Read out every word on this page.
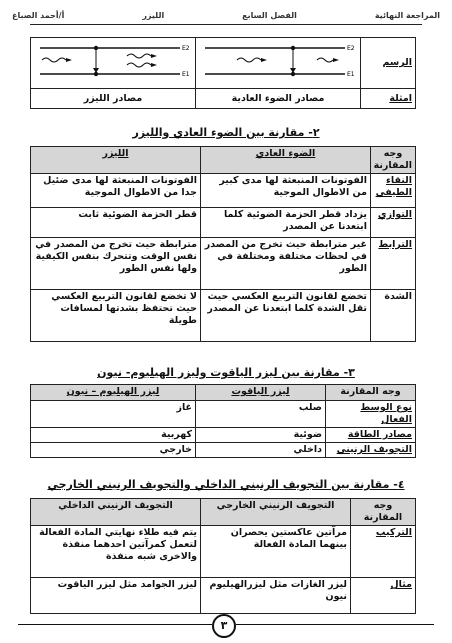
المراجعة النهائية
الفصل السابع
الليزر
أ/أحمد الصباغ
الرسم	E2
E1	E2
E1

امثلة	مصادر الضوء العادية	مصادر الليزر
٢- مقارنة بين الضوء العادي والليزر
وجه المقارنة	الضوء العادي	الليزر
النقاء الطيفي	الفوتونات المنبعثة لها مدى كبير من الاطوال الموجية	الفوتونات المنبعثة لها مدى ضئيل جدا من الاطوال الموجية
التوازي	يزداد قطر الحزمة الضوئية كلما ابتعدنا عن المصدر	قطر الحزمة الضوئية ثابت
الترابط	غير مترابطة حيث تخرج من المصدر في لحظات مختلفة ومختلفة في الطور	مترابطة حيث تخرج من المصدر في نفس الوقت وتتحرك بنفس الكيفية ولها نفس الطور
الشدة	تخضع لقانون التربيع العكسي حيث تقل الشدة كلما ابتعدنا عن المصدر	لا تخضع لقانون التربيع العكسي حيث تحتفظ بشدتها لمسافات طويلة
٣- مقارنة بين ليزر الياقوت وليزر الهيليوم- نيون
وجه المقارنة	ليزر الياقوت	ليزر الهيليوم – نيون
نوع الوسط الفعال	صلب	غاز
مصادر الطاقة	ضوئية	كهربية
التجويف الرنيني	داخلي	خارجي
٤- مقارنة بين التجويف الرنيني الداخلي والتجويف الرنيني الخارجي
وجه المقارنة	التجويف الرنيني الخارجي	التجويف الرنيني الداخلي
التركيب	مرآتين عاكستين يحصران بينهما المادة الفعالة	يتم فيه طلاء نهايتي المادة الفعالة لتعمل كمرآتين احدهما منفذة والاخرى شبه منفذة
مثال	ليزر الغازات مثل ليزرالهيليوم نيون	ليزر الجوامد مثل ليزر الياقوت
٣
